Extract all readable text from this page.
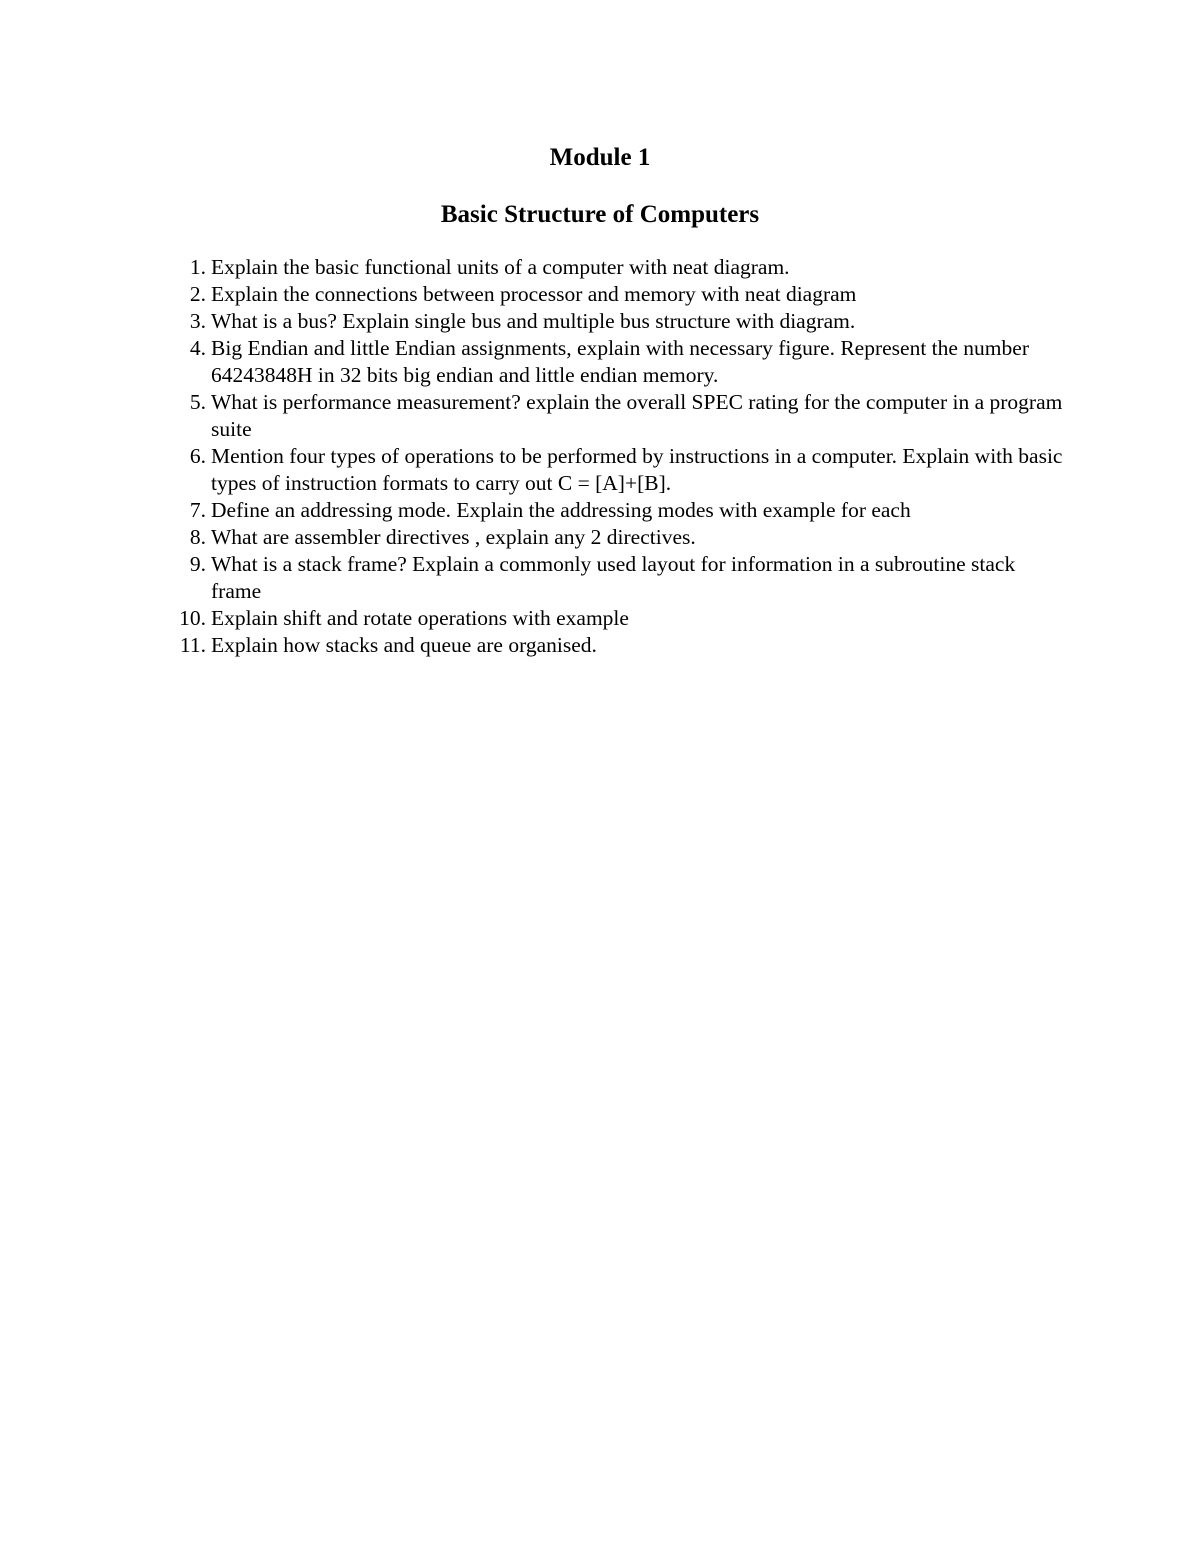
Module 1
Basic Structure of Computers
1. Explain the basic functional units of a computer with neat diagram.
2. Explain the connections between processor and memory with neat diagram
3. What is a bus? Explain single bus and multiple bus structure with diagram.
4. Big Endian and little Endian assignments, explain with necessary figure. Represent the number 64243848H in 32 bits big endian and little endian memory.
5. What is performance measurement? explain the overall SPEC rating for the computer in a program suite
6. Mention four types of operations to be performed by instructions in a computer. Explain with basic types of instruction formats to carry out C = [A]+[B].
7. Define an addressing mode. Explain the addressing modes with example for each
8. What are assembler directives , explain any 2 directives.
9. What is a stack frame? Explain a commonly used layout for information in a subroutine stack frame
10. Explain shift and rotate operations with example
11. Explain how stacks and queue are organised.
